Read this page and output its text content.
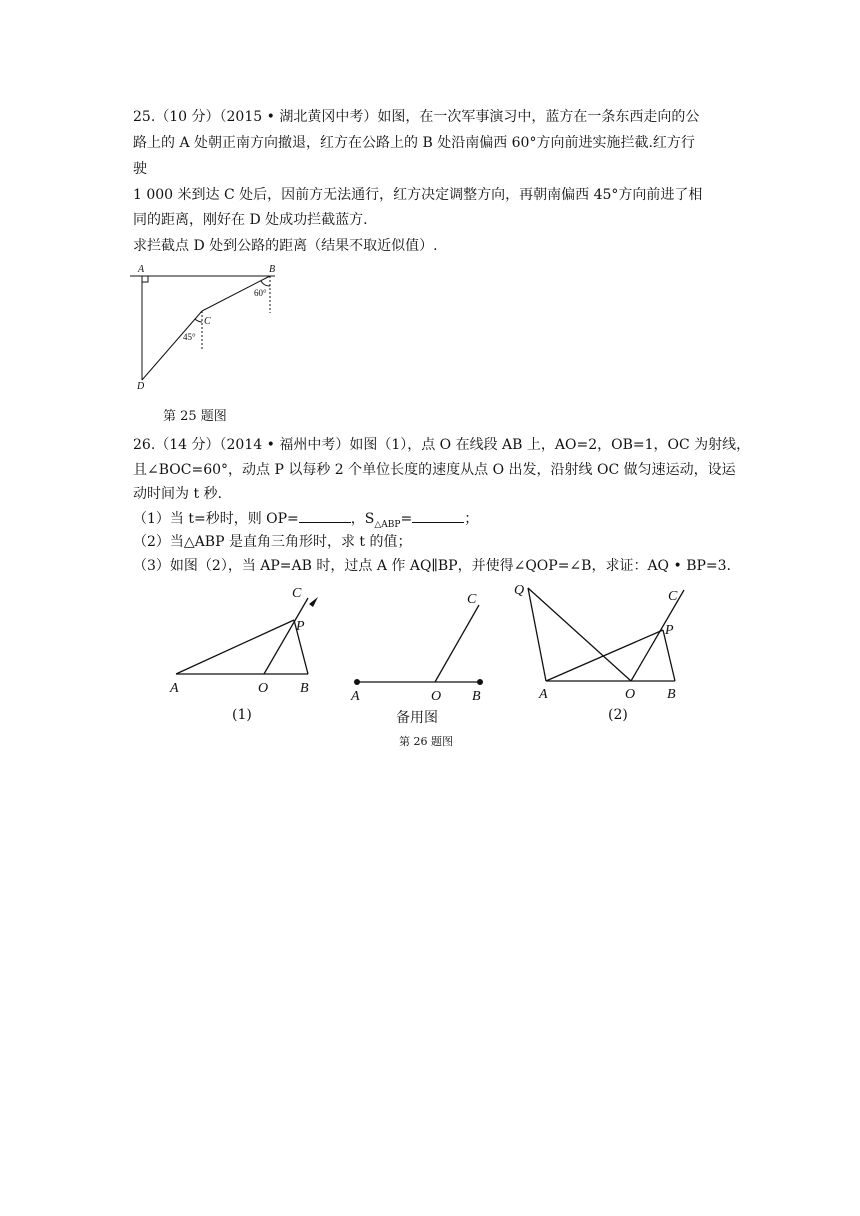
25.（10 分）（2015 • 湖北黄冈中考）如图，在一次军事演习中，蓝方在一条东西走向的公
路上的 A 处朝正南方向撤退，红方在公路上的 B 处沿南偏西 60°方向前进实施拦截.红方行
驶
1 000 米到达 C 处后，因前方无法通行，红方决定调整方向，再朝南偏西 45°方向前进了相
同的距离，刚好在 D 处成功拦截蓝方.
求拦截点 D 处到公路的距离（结果不取近似值）.
A	B
C
D
60°
45°
第 25 题图
26.（14 分）（2014 • 福州中考）如图（1），点 O 在线段 AB 上，AO=2，OB=1，OC 为射线，
且∠BOC=60°，动点 P 以每秒 2 个单位长度的速度从点 O 出发，沿射线 OC 做匀速运动，设运
动时间为 t 秒.
（1）当 t=秒时，则 OP=	，$S_{\triangle ABP}=$	；
（2）当△ABP 是直角三角形时，求 t 的值；
（3）如图（2），当 AP=AB 时，过点 A 作 AQ∥BP，并使得∠QOP=∠B，求证：AQ • BP=3.
A	O B
C
P
(1)
A	O B
C
备用图
A	O B
C
P
Q
(2)
第 26 题图
